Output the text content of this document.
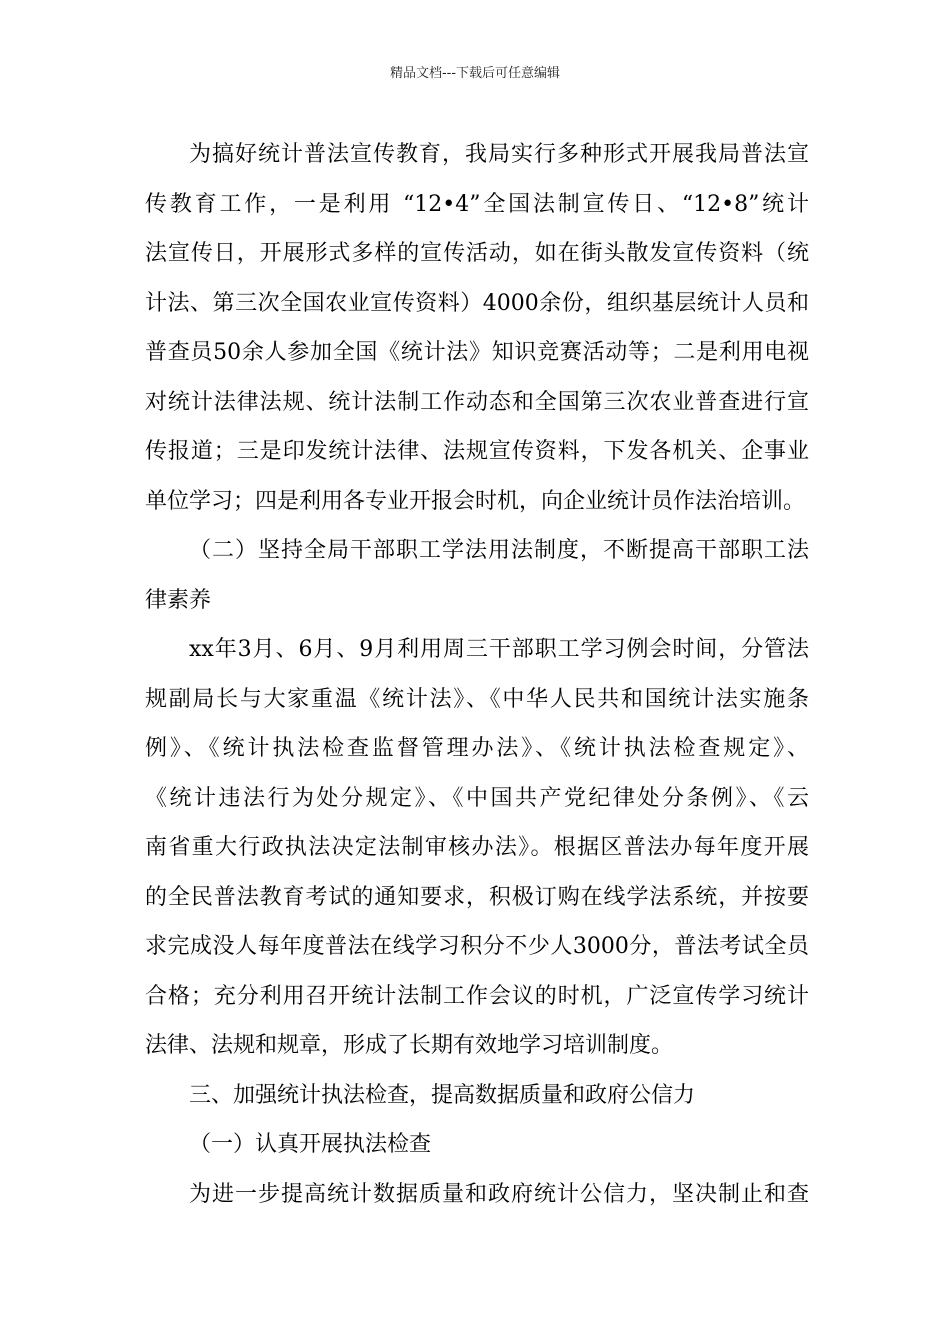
精品文档---下载后可任意编辑
为搞好统计普法宣传教育，我局实行多种形式开展我局普法宣
传教育工作，一是利用 “12•4”全国法制宣传日、“12•8”统计
法宣传日，开展形式多样的宣传活动，如在街头散发宣传资料（统
计法、第三次全国农业宣传资料）4000余份，组织基层统计人员和
普查员50余人参加全国《统计法》知识竞赛活动等；二是利用电视
对统计法律法规、统计法制工作动态和全国第三次农业普查进行宣
传报道；三是印发统计法律、法规宣传资料，下发各机关、企事业
单位学习；四是利用各专业开报会时机，向企业统计员作法治培训。
（二）坚持全局干部职工学法用法制度，不断提高干部职工法
律素养
xx年3月、6月、9月利用周三干部职工学习例会时间，分管法
规副局长与大家重温《统计法》、《中华人民共和国统计法实施条
例》、《统计执法检查监督管理办法》、《统计执法检查规定》、
《统计违法行为处分规定》、《中国共产党纪律处分条例》、《云
南省重大行政执法决定法制审核办法》。根据区普法办每年度开展
的全民普法教育考试的通知要求，积极订购在线学法系统，并按要
求完成没人每年度普法在线学习积分不少人3000分，普法考试全员
合格；充分利用召开统计法制工作会议的时机，广泛宣传学习统计
法律、法规和规章，形成了长期有效地学习培训制度。
三、加强统计执法检查，提高数据质量和政府公信力
（一）认真开展执法检查
为进一步提高统计数据质量和政府统计公信力，坚决制止和查
